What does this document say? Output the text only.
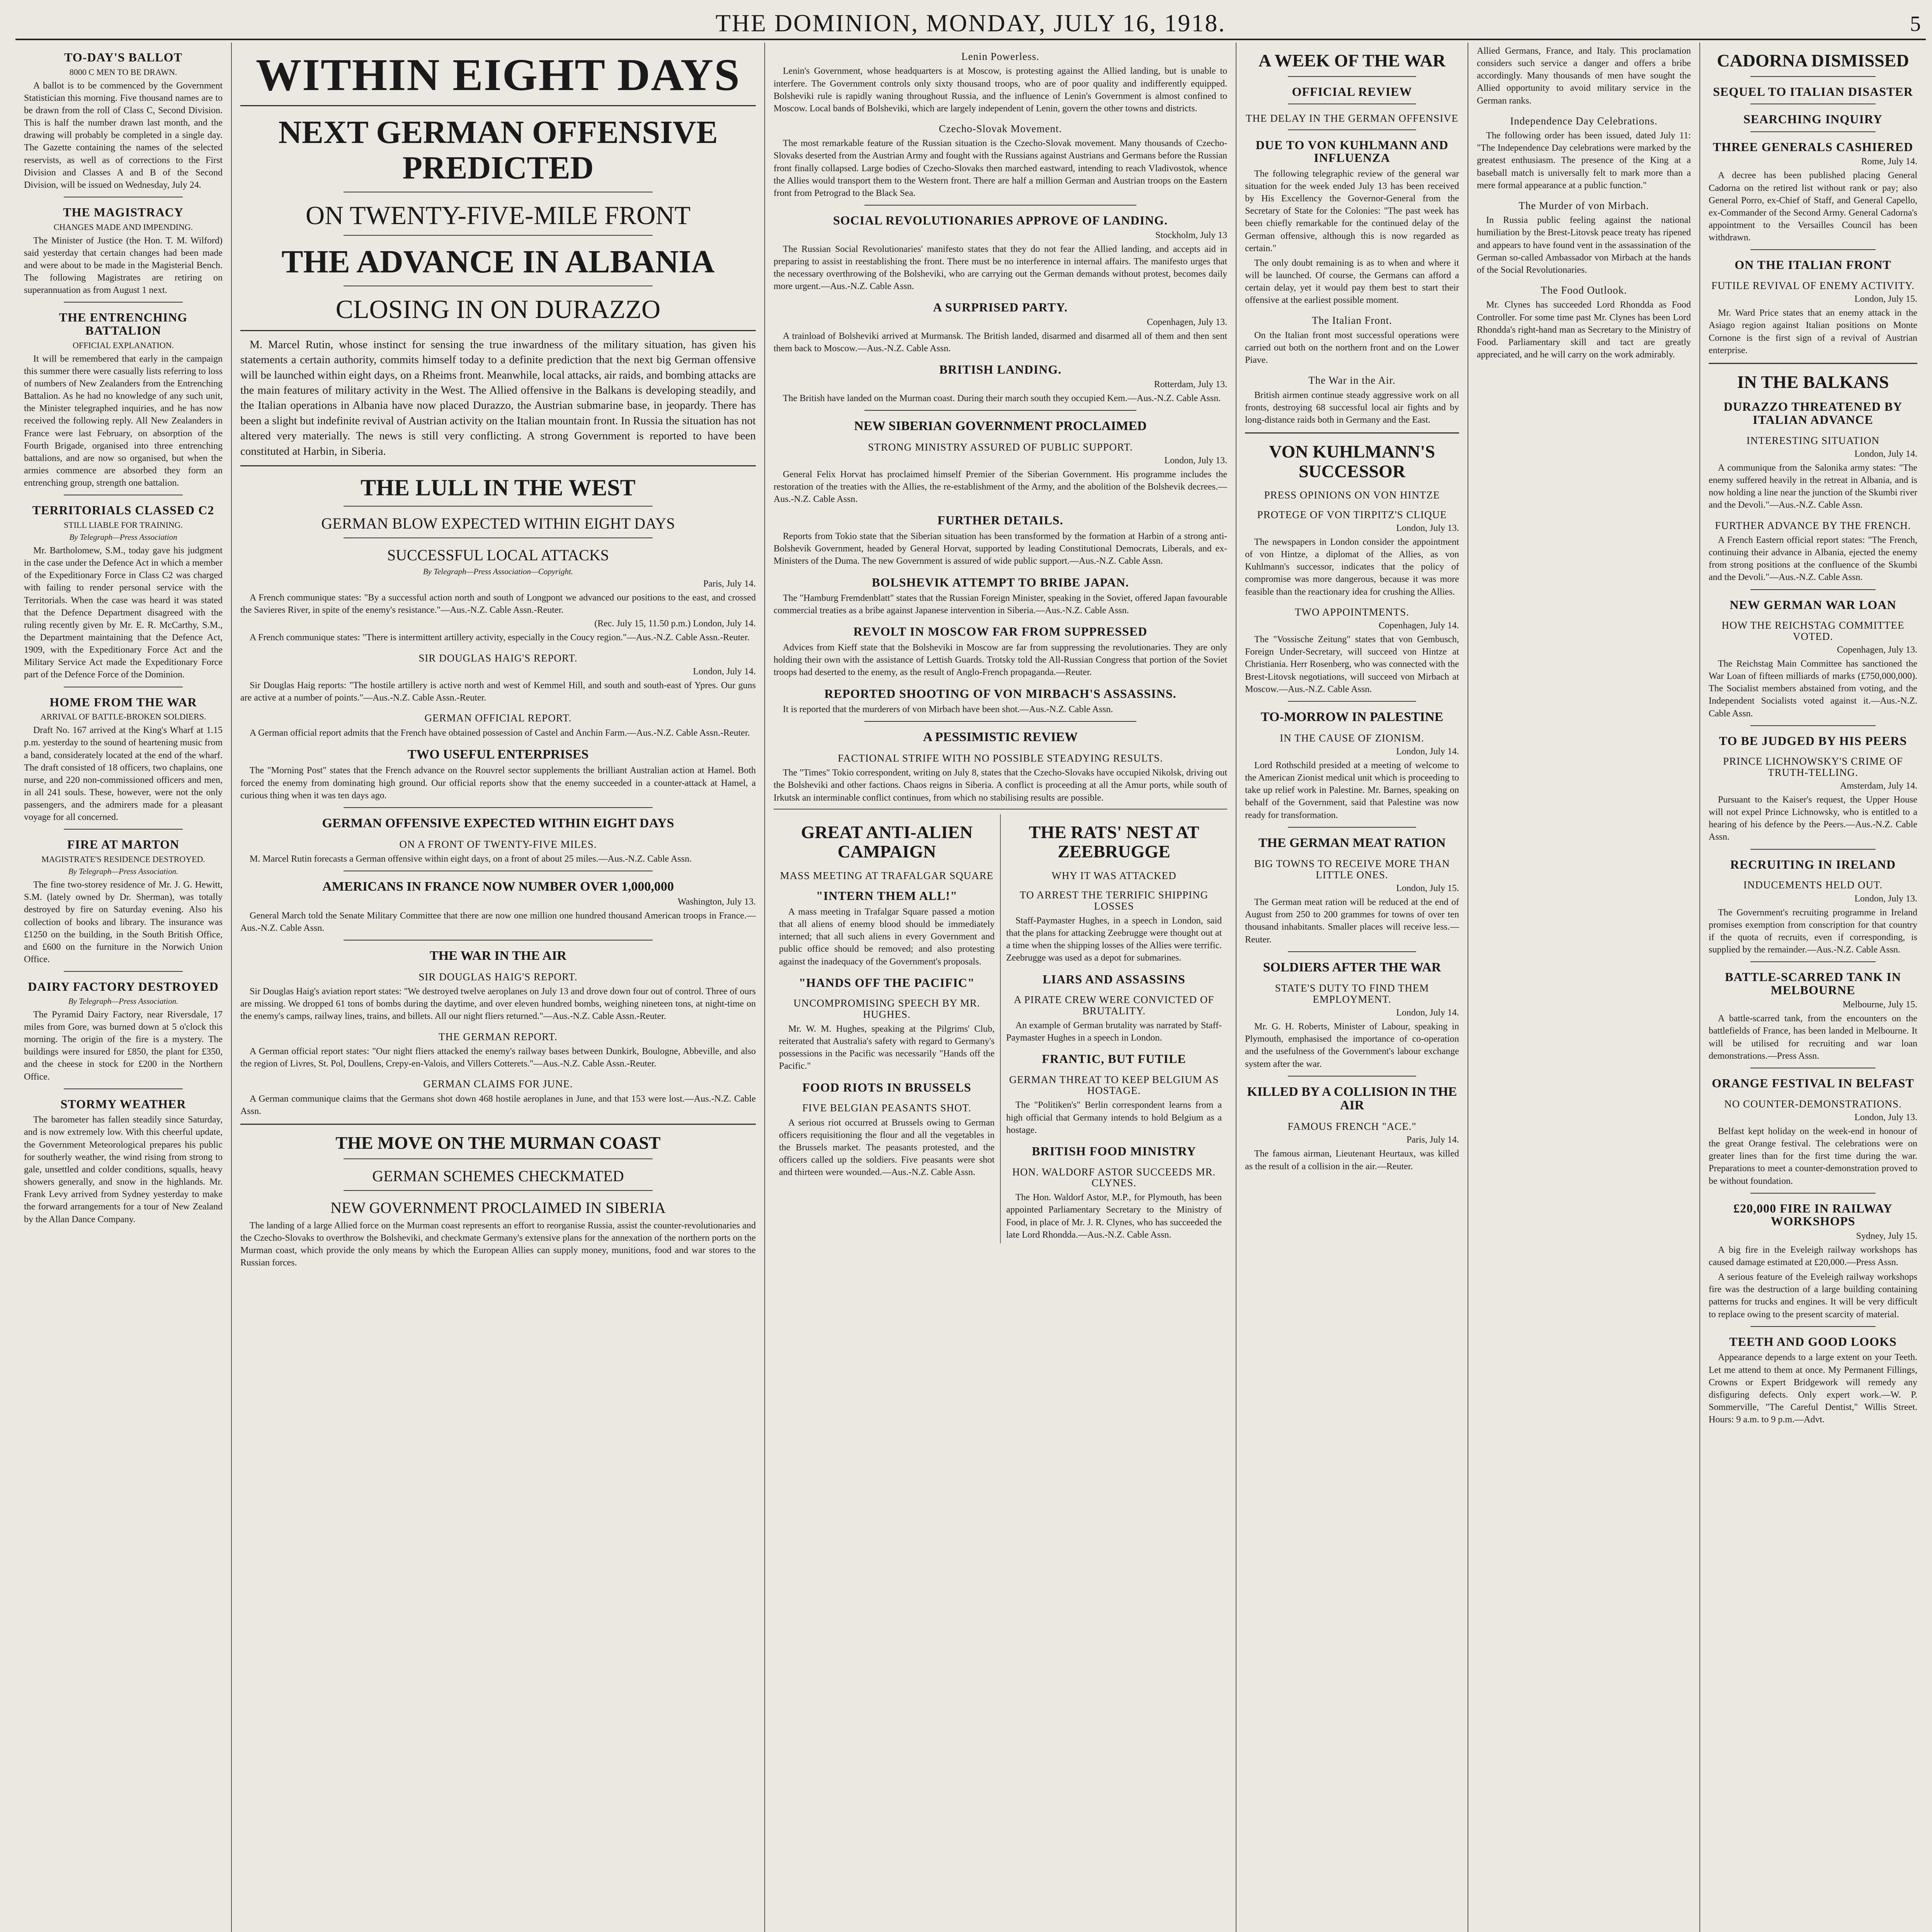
THE DOMINION, MONDAY, JULY 16, 1918.	5
TO-DAY'S BALLOT
8000 C MEN TO BE DRAWN.

A ballot is to be commenced by the Government Statistician this morning. Five thousand names are to be drawn from the roll of Class C, Second Division. This is half the number drawn last month, and the drawing will probably be completed in a single day. The Gazette containing the names of the selected reservists, as well as of corrections to the First Division and Classes A and B of the Second Division, will be issued on Wednesday, July 24.

THE MAGISTRACY
CHANGES MADE AND IMPENDING.

The Minister of Justice (the Hon. T. M. Wilford) said yesterday that certain changes had been made and were about to be made in the Magisterial Bench. The following Magistrates are retiring on superannuation as from August 1 next.

THE ENTRENCHING BATTALION
OFFICIAL EXPLANATION.

It will be remembered that early in the campaign this summer there were casually lists referring to loss of numbers of New Zealanders from the Entrenching Battalion. As he had no knowledge of any such unit, the Minister telegraphed inquiries, and he has now received the following reply. All New Zealanders in France were last February, on absorption of the Fourth Brigade, organised into three entrenching battalions, and are now so organised, but when the armies commence are absorbed they form an entrenching group, strength one battalion.

TERRITORIALS CLASSED C2
STILL LIABLE FOR TRAINING.
By Telegraph—Press Association

Mr. Bartholomew, S.M., today gave his judgment in the case under the Defence Act in which a member of the Expeditionary Force in Class C2 was charged with failing to render personal service with the Territorials. When the case was heard it was stated that the Defence Department disagreed with the ruling recently given by Mr. E. R. McCarthy, S.M., the Department maintaining that the Defence Act, 1909, with the Expeditionary Force Act and the Military Service Act made the Expeditionary Force part of the Defence Force of the Dominion.

HOME FROM THE WAR
ARRIVAL OF BATTLE-BROKEN SOLDIERS.

Draft No. 167 arrived at the King's Wharf at 1.15 p.m. yesterday to the sound of heartening music from a band, considerately located at the end of the wharf. The draft consisted of 18 officers, two chaplains, one nurse, and 220 non-commissioned officers and men, in all 241 souls. These, however, were not the only passengers, and the admirers made for a pleasant voyage for all concerned.

FIRE AT MARTON
MAGISTRATE'S RESIDENCE DESTROYED.
By Telegraph—Press Association.

The fine two-storey residence of Mr. J. G. Hewitt, S.M. (lately owned by Dr. Sherman), was totally destroyed by fire on Saturday evening. Also his collection of books and library. The insurance was £1250 on the building, in the South British Office, and £600 on the furniture in the Norwich Union Office.

DAIRY FACTORY DESTROYED
By Telegraph—Press Association.

The Pyramid Dairy Factory, near Riversdale, 17 miles from Gore, was burned down at 5 o'clock this morning. The origin of the fire is a mystery. The buildings were insured for £850, the plant for £350, and the cheese in stock for £200 in the Northern Office.

STORMY WEATHER

The barometer has fallen steadily since Saturday, and is now extremely low. With this cheerful update, the Government Meteorological prepares his public for southerly weather, the wind rising from strong to gale, unsettled and colder conditions, squalls, heavy showers generally, and snow in the highlands. Mr. Frank Levy arrived from Sydney yesterday to make the forward arrangements for a tour of New Zealand by the Allan Dance Company.

WITHIN EIGHT DAYS
NEXT GERMAN OFFENSIVE PREDICTED
ON TWENTY-FIVE-MILE FRONT
THE ADVANCE IN ALBANIA
CLOSING IN ON DURAZZO

M. Marcel Rutin, whose instinct for sensing the true inwardness of the military situation, has given his statements a certain authority, commits himself today to a definite prediction that the next big German offensive will be launched within eight days, on a Rheims front. Meanwhile, local attacks, air raids, and bombing attacks are the main features of military activity in the West. The Allied offensive in the Balkans is developing steadily, and the Italian operations in Albania have now placed Durazzo, the Austrian submarine base, in jeopardy. There has been a slight but indefinite revival of Austrian activity on the Italian mountain front. In Russia the situation has not altered very materially. The news is still very conflicting. A strong Government is reported to have been constituted at Harbin, in Siberia.

THE LULL IN THE WEST
GERMAN BLOW EXPECTED WITHIN EIGHT DAYS
SUCCESSFUL LOCAL ATTACKS
By Telegraph—Press Association—Copyright.
Paris, July 14.

A French communique states: "By a successful action north and south of Longpont we advanced our positions to the east, and crossed the Savieres River, in spite of the enemy's resistance."—Aus.-N.Z. Cable Assn.-Reuter.

(Rec. July 15, 11.50 p.m.) London, July 14.

A French communique states: "There is intermittent artillery activity, especially in the Coucy region."—Aus.-N.Z. Cable Assn.-Reuter.

SIR DOUGLAS HAIG'S REPORT.
London, July 14.

Sir Douglas Haig reports: "The hostile artillery is active north and west of Kemmel Hill, and south and south-east of Ypres. Our guns are active at a number of points."—Aus.-N.Z. Cable Assn.-Reuter.

GERMAN OFFICIAL REPORT.

A German official report admits that the French have obtained possession of Castel and Anchin Farm.—Aus.-N.Z. Cable Assn.-Reuter.

TWO USEFUL ENTERPRISES

The "Morning Post" states that the French advance on the Rouvrel sector supplements the brilliant Australian action at Hamel. Both forced the enemy from dominating high ground. Our official reports show that the enemy succeeded in a counter-attack at Hamel, a curious thing when it was ten days ago.

GERMAN OFFENSIVE EXPECTED WITHIN EIGHT DAYS
ON A FRONT OF TWENTY-FIVE MILES.

M. Marcel Rutin forecasts a German offensive within eight days, on a front of about 25 miles.—Aus.-N.Z. Cable Assn.

AMERICANS IN FRANCE NOW NUMBER OVER 1,000,000
Washington, July 13.

General March told the Senate Military Committee that there are now one million one hundred thousand American troops in France.—Aus.-N.Z. Cable Assn.

THE WAR IN THE AIR
SIR DOUGLAS HAIG'S REPORT.

Sir Douglas Haig's aviation report states: "We destroyed twelve aeroplanes on July 13 and drove down four out of control. Three of ours are missing. We dropped 61 tons of bombs during the daytime, and over eleven hundred bombs, weighing nineteen tons, at night-time on the enemy's camps, railway lines, trains, and billets. All our night fliers returned."—Aus.-N.Z. Cable Assn.-Reuter.

THE GERMAN REPORT.

A German official report states: "Our night fliers attacked the enemy's railway bases between Dunkirk, Boulogne, Abbeville, and also the region of Livres, St. Pol, Doullens, Crepy-en-Valois, and Villers Cotterets."—Aus.-N.Z. Cable Assn.-Reuter.

GERMAN CLAIMS FOR JUNE.

A German communique claims that the Germans shot down 468 hostile aeroplanes in June, and that 153 were lost.—Aus.-N.Z. Cable Assn.

THE MOVE ON THE MURMAN COAST
GERMAN SCHEMES CHECKMATED
NEW GOVERNMENT PROCLAIMED IN SIBERIA

The landing of a large Allied force on the Murman coast represents an effort to reorganise Russia, assist the counter-revolutionaries and the Czecho-Slovaks to overthrow the Bolsheviki, and checkmate Germany's extensive plans for the annexation of the northern ports on the Murman coast, which provide the only means by which the European Allies can supply money, munitions, food and war stores to the Russian forces.

Lenin Powerless.

Lenin's Government, whose headquarters is at Moscow, is protesting against the Allied landing, but is unable to interfere. The Government controls only sixty thousand troops, who are of poor quality and indifferently equipped. Bolsheviki rule is rapidly waning throughout Russia, and the influence of Lenin's Government is almost confined to Moscow. Local bands of Bolsheviki, which are largely independent of Lenin, govern the other towns and districts.

Czecho-Slovak Movement.

The most remarkable feature of the Russian situation is the Czecho-Slovak movement. Many thousands of Czecho-Slovaks deserted from the Austrian Army and fought with the Russians against Austrians and Germans before the Russian front finally collapsed. Large bodies of Czecho-Slovaks then marched eastward, intending to reach Vladivostok, whence the Allies would transport them to the Western front. There are half a million German and Austrian troops on the Eastern front from Petrograd to the Black Sea.

SOCIAL REVOLUTIONARIES APPROVE OF LANDING.
Stockholm, July 13

The Russian Social Revolutionaries' manifesto states that they do not fear the Allied landing, and accepts aid in preparing to assist in reestablishing the front. There must be no interference in internal affairs. The manifesto urges that the necessary overthrowing of the Bolsheviki, who are carrying out the German demands without protest, becomes daily more urgent.—Aus.-N.Z. Cable Assn.

A SURPRISED PARTY.
Copenhagen, July 13.

A trainload of Bolsheviki arrived at Murmansk. The British landed, disarmed and disarmed all of them and then sent them back to Moscow.—Aus.-N.Z. Cable Assn.

BRITISH LANDING.
Rotterdam, July 13.

The British have landed on the Murman coast. During their march south they occupied Kem.—Aus.-N.Z. Cable Assn.

NEW SIBERIAN GOVERNMENT PROCLAIMED
STRONG MINISTRY ASSURED OF PUBLIC SUPPORT.
London, July 13.

General Felix Horvat has proclaimed himself Premier of the Siberian Government. His programme includes the restoration of the treaties with the Allies, the re-establishment of the Army, and the abolition of the Bolshevik decrees.—Aus.-N.Z. Cable Assn.

FURTHER DETAILS.

Reports from Tokio state that the Siberian situation has been transformed by the formation at Harbin of a strong anti-Bolshevik Government, headed by General Horvat, supported by leading Constitutional Democrats, Liberals, and ex-Ministers of the Duma. The new Government is assured of wide public support.—Aus.-N.Z. Cable Assn.

BOLSHEVIK ATTEMPT TO BRIBE JAPAN.

The "Hamburg Fremdenblatt" states that the Russian Foreign Minister, speaking in the Soviet, offered Japan favourable commercial treaties as a bribe against Japanese intervention in Siberia.—Aus.-N.Z. Cable Assn.

REVOLT IN MOSCOW FAR FROM SUPPRESSED

Advices from Kieff state that the Bolsheviki in Moscow are far from suppressing the revolutionaries. They are only holding their own with the assistance of Lettish Guards. Trotsky told the All-Russian Congress that portion of the Soviet troops had deserted to the enemy, as the result of Anglo-French propaganda.—Reuter.

REPORTED SHOOTING OF VON MIRBACH'S ASSASSINS.

It is reported that the murderers of von Mirbach have been shot.—Aus.-N.Z. Cable Assn.

A PESSIMISTIC REVIEW
FACTIONAL STRIFE WITH NO POSSIBLE STEADYING RESULTS.

The "Times" Tokio correspondent, writing on July 8, states that the Czecho-Slovaks have occupied Nikolsk, driving out the Bolsheviki and other factions. Chaos reigns in Siberia. A conflict is proceeding at all the Amur ports, while south of Irkutsk an interminable conflict continues, from which no stabilising results are possible.

GREAT ANTI-ALIEN CAMPAIGN
MASS MEETING AT TRAFALGAR SQUARE
"INTERN THEM ALL!"

A mass meeting in Trafalgar Square passed a motion that all aliens of enemy blood should be immediately interned; that all such aliens in every Government and public office should be removed; and also protesting against the inadequacy of the Government's proposals.

"HANDS OFF THE PACIFIC"
UNCOMPROMISING SPEECH BY MR. HUGHES.

Mr. W. M. Hughes, speaking at the Pilgrims' Club, reiterated that Australia's safety with regard to Germany's possessions in the Pacific was necessarily "Hands off the Pacific."

FOOD RIOTS IN BRUSSELS
FIVE BELGIAN PEASANTS SHOT.

A serious riot occurred at Brussels owing to German officers requisitioning the flour and all the vegetables in the Brussels market. The peasants protested, and the officers called up the soldiers. Five peasants were shot and thirteen were wounded.—Aus.-N.Z. Cable Assn.

THE RATS' NEST AT ZEEBRUGGE
WHY IT WAS ATTACKED
TO ARREST THE TERRIFIC SHIPPING LOSSES

Staff-Paymaster Hughes, in a speech in London, said that the plans for attacking Zeebrugge were thought out at a time when the shipping losses of the Allies were terrific. Zeebrugge was used as a depot for submarines.

LIARS AND ASSASSINS
A PIRATE CREW WERE CONVICTED OF BRUTALITY.

An example of German brutality was narrated by Staff-Paymaster Hughes in a speech in London.

FRANTIC, BUT FUTILE
GERMAN THREAT TO KEEP BELGIUM AS HOSTAGE.

The "Politiken's" Berlin correspondent learns from a high official that Germany intends to hold Belgium as a hostage.

BRITISH FOOD MINISTRY
HON. WALDORF ASTOR SUCCEEDS MR. CLYNES.

The Hon. Waldorf Astor, M.P., for Plymouth, has been appointed Parliamentary Secretary to the Ministry of Food, in place of Mr. J. R. Clynes, who has succeeded the late Lord Rhondda.—Aus.-N.Z. Cable Assn.

A WEEK OF THE WAR
OFFICIAL REVIEW
THE DELAY IN THE GERMAN OFFENSIVE
DUE TO VON KUHLMANN AND INFLUENZA

The following telegraphic review of the general war situation for the week ended July 13 has been received by His Excellency the Governor-General from the Secretary of State for the Colonies: "The past week has been chiefly remarkable for the continued delay of the German offensive, although this is now regarded as certain."

The only doubt remaining is as to when and where it will be launched. Of course, the Germans can afford a certain delay, yet it would pay them best to start their offensive at the earliest possible moment.

The Italian Front.

On the Italian front most successful operations were carried out both on the northern front and on the Lower Piave.

The War in the Air.

British airmen continue steady aggressive work on all fronts, destroying 68 successful local air fights and by long-distance raids both in Germany and the East.

VON KUHLMANN'S SUCCESSOR
PRESS OPINIONS ON VON HINTZE
PROTEGE OF VON TIRPITZ'S CLIQUE
London, July 13.

The newspapers in London consider the appointment of von Hintze, a diplomat of the Allies, as von Kuhlmann's successor, indicates that the policy of compromise was more dangerous, because it was more feasible than the reactionary idea for crushing the Allies.

TWO APPOINTMENTS.
Copenhagen, July 14.

The "Vossische Zeitung" states that von Gembusch, Foreign Under-Secretary, will succeed von Hintze at Christiania. Herr Rosenberg, who was connected with the Brest-Litovsk negotiations, will succeed von Mirbach at Moscow.—Aus.-N.Z. Cable Assn.

TO-MORROW IN PALESTINE
IN THE CAUSE OF ZIONISM.
London, July 14.

Lord Rothschild presided at a meeting of welcome to the American Zionist medical unit which is proceeding to take up relief work in Palestine. Mr. Barnes, speaking on behalf of the Government, said that Palestine was now ready for transformation.

THE GERMAN MEAT RATION
BIG TOWNS TO RECEIVE MORE THAN LITTLE ONES.
London, July 15.

The German meat ration will be reduced at the end of August from 250 to 200 grammes for towns of over ten thousand inhabitants. Smaller places will receive less.—Reuter.

SOLDIERS AFTER THE WAR
STATE'S DUTY TO FIND THEM EMPLOYMENT.
London, July 14.

Mr. G. H. Roberts, Minister of Labour, speaking in Plymouth, emphasised the importance of co-operation and the usefulness of the Government's labour exchange system after the war.

KILLED BY A COLLISION IN THE AIR
FAMOUS FRENCH "ACE."
Paris, July 14.

The famous airman, Lieutenant Heurtaux, was killed as the result of a collision in the air.—Reuter.

Allied Germans, France, and Italy. This proclamation considers such service a danger and offers a bribe accordingly. Many thousands of men have sought the Allied opportunity to avoid military service in the German ranks.

Independence Day Celebrations.

The following order has been issued, dated July 11: "The Independence Day celebrations were marked by the greatest enthusiasm. The presence of the King at a baseball match is universally felt to mark more than a mere formal appearance at a public function."

The Murder of von Mirbach.

In Russia public feeling against the national humiliation by the Brest-Litovsk peace treaty has ripened and appears to have found vent in the assassination of the German so-called Ambassador von Mirbach at the hands of the Social Revolutionaries.

The Food Outlook.

Mr. Clynes has succeeded Lord Rhondda as Food Controller. For some time past Mr. Clynes has been Lord Rhondda's right-hand man as Secretary to the Ministry of Food. Parliamentary skill and tact are greatly appreciated, and he will carry on the work admirably.

CADORNA DISMISSED
SEQUEL TO ITALIAN DISASTER
SEARCHING INQUIRY
THREE GENERALS CASHIERED
Rome, July 14.

A decree has been published placing General Cadorna on the retired list without rank or pay; also General Porro, ex-Chief of Staff, and General Capello, ex-Commander of the Second Army. General Cadorna's appointment to the Versailles Council has been withdrawn.

ON THE ITALIAN FRONT
FUTILE REVIVAL OF ENEMY ACTIVITY.
London, July 15.

Mr. Ward Price states that an enemy attack in the Asiago region against Italian positions on Monte Cornone is the first sign of a revival of Austrian enterprise.

IN THE BALKANS
DURAZZO THREATENED BY ITALIAN ADVANCE
INTERESTING SITUATION
London, July 14.

A communique from the Salonika army states: "The enemy suffered heavily in the retreat in Albania, and is now holding a line near the junction of the Skumbi river and the Devoli."—Aus.-N.Z. Cable Assn.

FURTHER ADVANCE BY THE FRENCH.

A French Eastern official report states: "The French, continuing their advance in Albania, ejected the enemy from strong positions at the confluence of the Skumbi and the Devoli."—Aus.-N.Z. Cable Assn.

NEW GERMAN WAR LOAN
HOW THE REICHSTAG COMMITTEE VOTED.
Copenhagen, July 13.

The Reichstag Main Committee has sanctioned the War Loan of fifteen milliards of marks (£750,000,000). The Socialist members abstained from voting, and the Independent Socialists voted against it.—Aus.-N.Z. Cable Assn.

TO BE JUDGED BY HIS PEERS
PRINCE LICHNOWSKY'S CRIME OF TRUTH-TELLING.
Amsterdam, July 14.

Pursuant to the Kaiser's request, the Upper House will not expel Prince Lichnowsky, who is entitled to a hearing of his defence by the Peers.—Aus.-N.Z. Cable Assn.

RECRUITING IN IRELAND
INDUCEMENTS HELD OUT.
London, July 13.

The Government's recruiting programme in Ireland promises exemption from conscription for that country if the quota of recruits, even if corresponding, is supplied by the remainder.—Aus.-N.Z. Cable Assn.

BATTLE-SCARRED TANK IN MELBOURNE
Melbourne, July 15.

A battle-scarred tank, from the encounters on the battlefields of France, has been landed in Melbourne. It will be utilised for recruiting and war loan demonstrations.—Press Assn.

ORANGE FESTIVAL IN BELFAST
NO COUNTER-DEMONSTRATIONS.
London, July 13.

Belfast kept holiday on the week-end in honour of the great Orange festival. The celebrations were on greater lines than for the first time during the war. Preparations to meet a counter-demonstration proved to be without foundation.

£20,000 FIRE IN RAILWAY WORKSHOPS
Sydney, July 15.

A big fire in the Eveleigh railway workshops has caused damage estimated at £20,000.—Press Assn.

A serious feature of the Eveleigh railway workshops fire was the destruction of a large building containing patterns for trucks and engines. It will be very difficult to replace owing to the present scarcity of material.

TEETH AND GOOD LOOKS

Appearance depends to a large extent on your Teeth. Let me attend to them at once. My Permanent Fillings, Crowns or Expert Bridgework will remedy any disfiguring defects. Only expert work.—W. P. Sommerville, "The Careful Dentist," Willis Street. Hours: 9 a.m. to 9 p.m.—Advt.
